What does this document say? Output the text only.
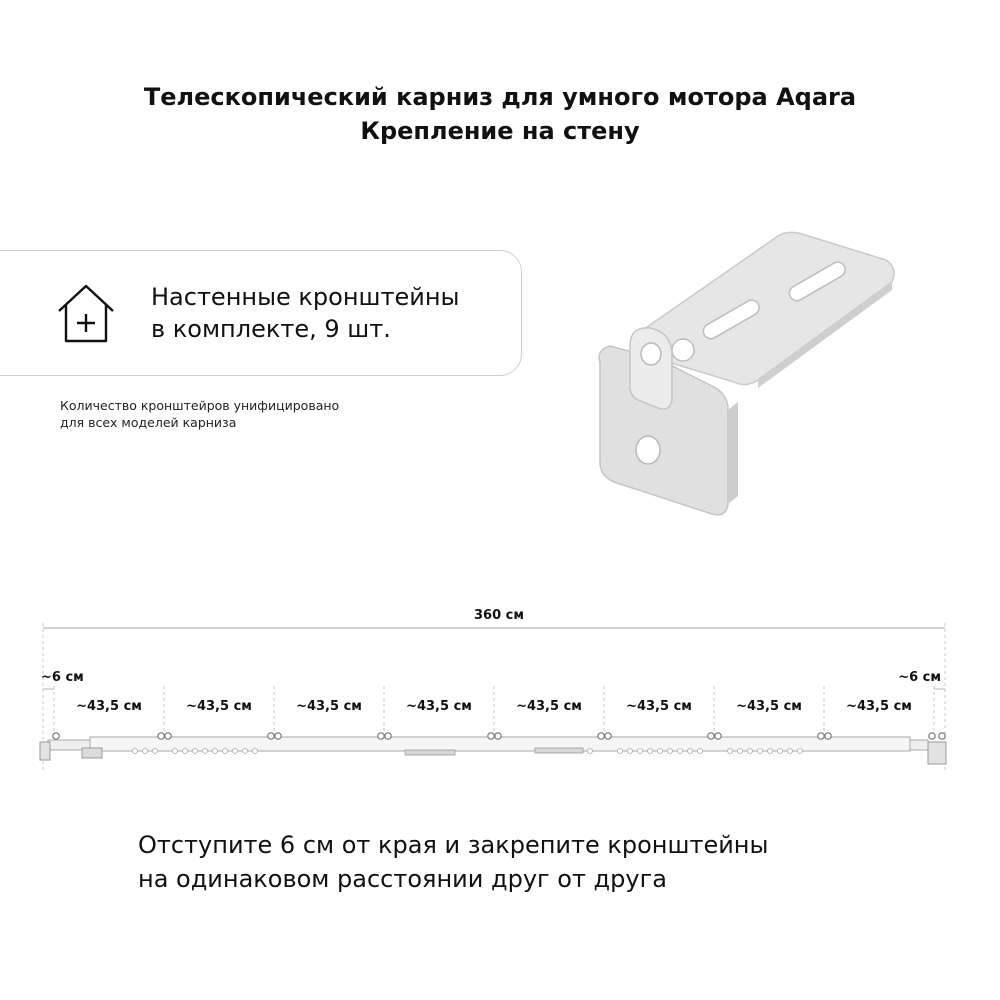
Телескопический карниз для умного мотора Aqara
Крепление на стену
Настенные кронштейны
в комплекте, 9 шт.
Количество кронштейров унифицировано
для всех моделей карниза
360 см
~6 см	~6 см
~43,5 см	~43,5 см	~43,5 см	~43,5 см	~43,5 см	~43,5 см	~43,5 см	~43,5 см
Отступите 6 см от края и закрепите кронштейны
на одинаковом расстоянии друг от друга
